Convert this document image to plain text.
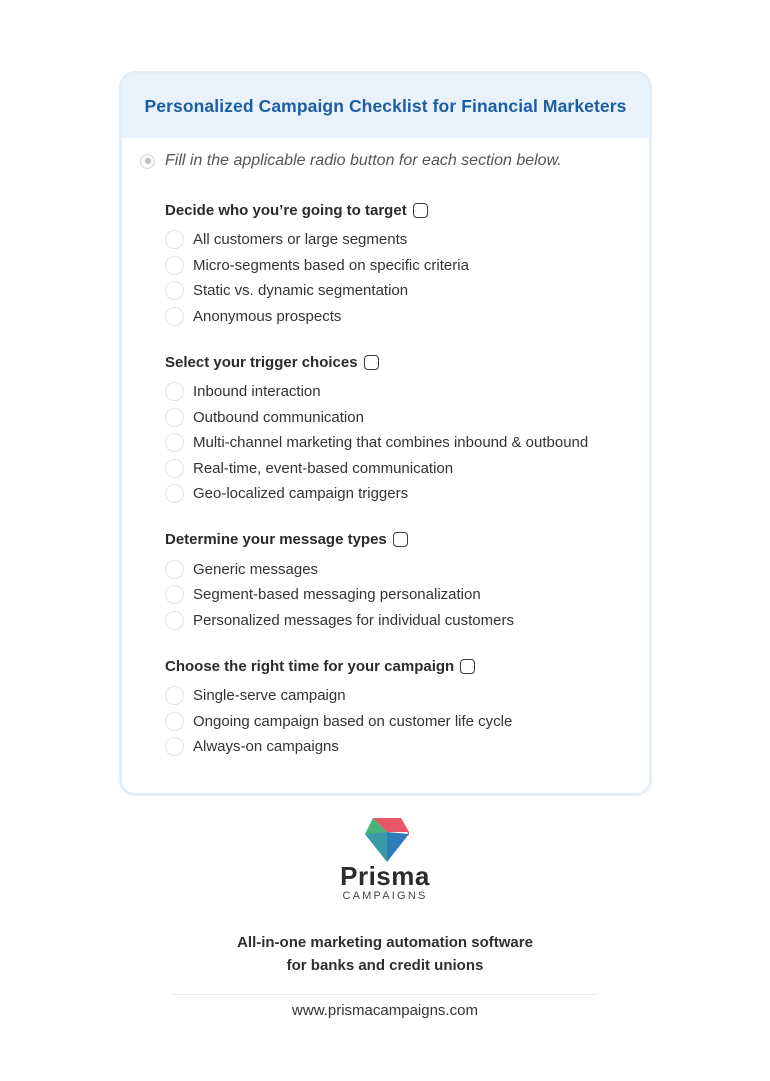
Personalized Campaign Checklist for Financial Marketers
Fill in the applicable radio button for each section below.
Decide who you’re going to target
All customers or large segments
Micro-segments based on specific criteria
Static vs. dynamic segmentation
Anonymous prospects
Select your trigger choices
Inbound interaction
Outbound communication
Multi-channel marketing that combines inbound & outbound
Real-time, event-based communication
Geo-localized campaign triggers
Determine your message types
Generic messages
Segment-based messaging personalization
Personalized messages for individual customers
Choose the right time for your campaign
Single-serve campaign
Ongoing campaign based on customer life cycle
Always-on campaigns
Prisma
CAMPAIGNS
All-in-one marketing automation software
for banks and credit unions
www.prismacampaigns.com
